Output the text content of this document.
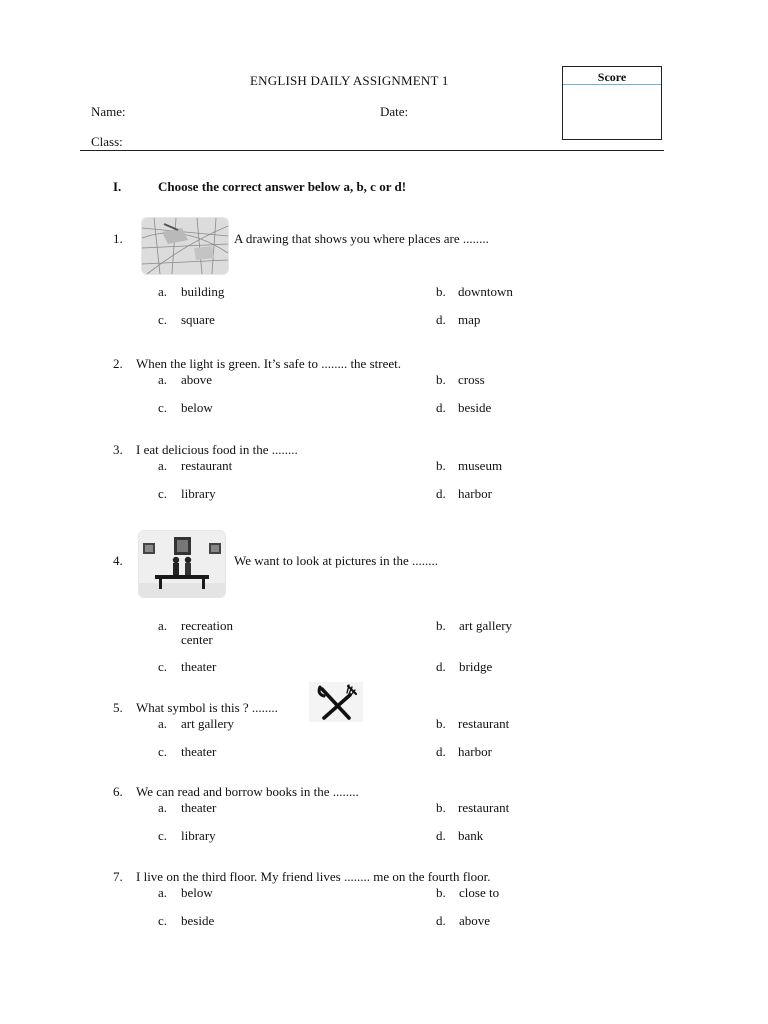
ENGLISH DAILY ASSIGNMENT 1	Score
Name:	Date:
Class:
I.	Choose the correct answer below a, b, c or d!
1.	A drawing that shows you where places are ........
a. building	b. downtown
c. square	d. map
2. When the light is green. It’s safe to ........ the street.
a. above	b. cross
c. below	d. beside
3. I eat delicious food in the ........
a. restaurant	b. museum
c. library	d. harbor
4.	We want to look at pictures in the ........
a. recreation
center
b. art gallery
c. theater	d. bridge
5. What symbol is this ? ........
a. art gallery	b. restaurant
c. theater	d. harbor
6. We can read and borrow books in the ........
a. theater	b. restaurant
c. library	d. bank
7. I live on the third floor. My friend lives ........ me on the fourth floor.
a. below	b. close to
c. beside	d. above
